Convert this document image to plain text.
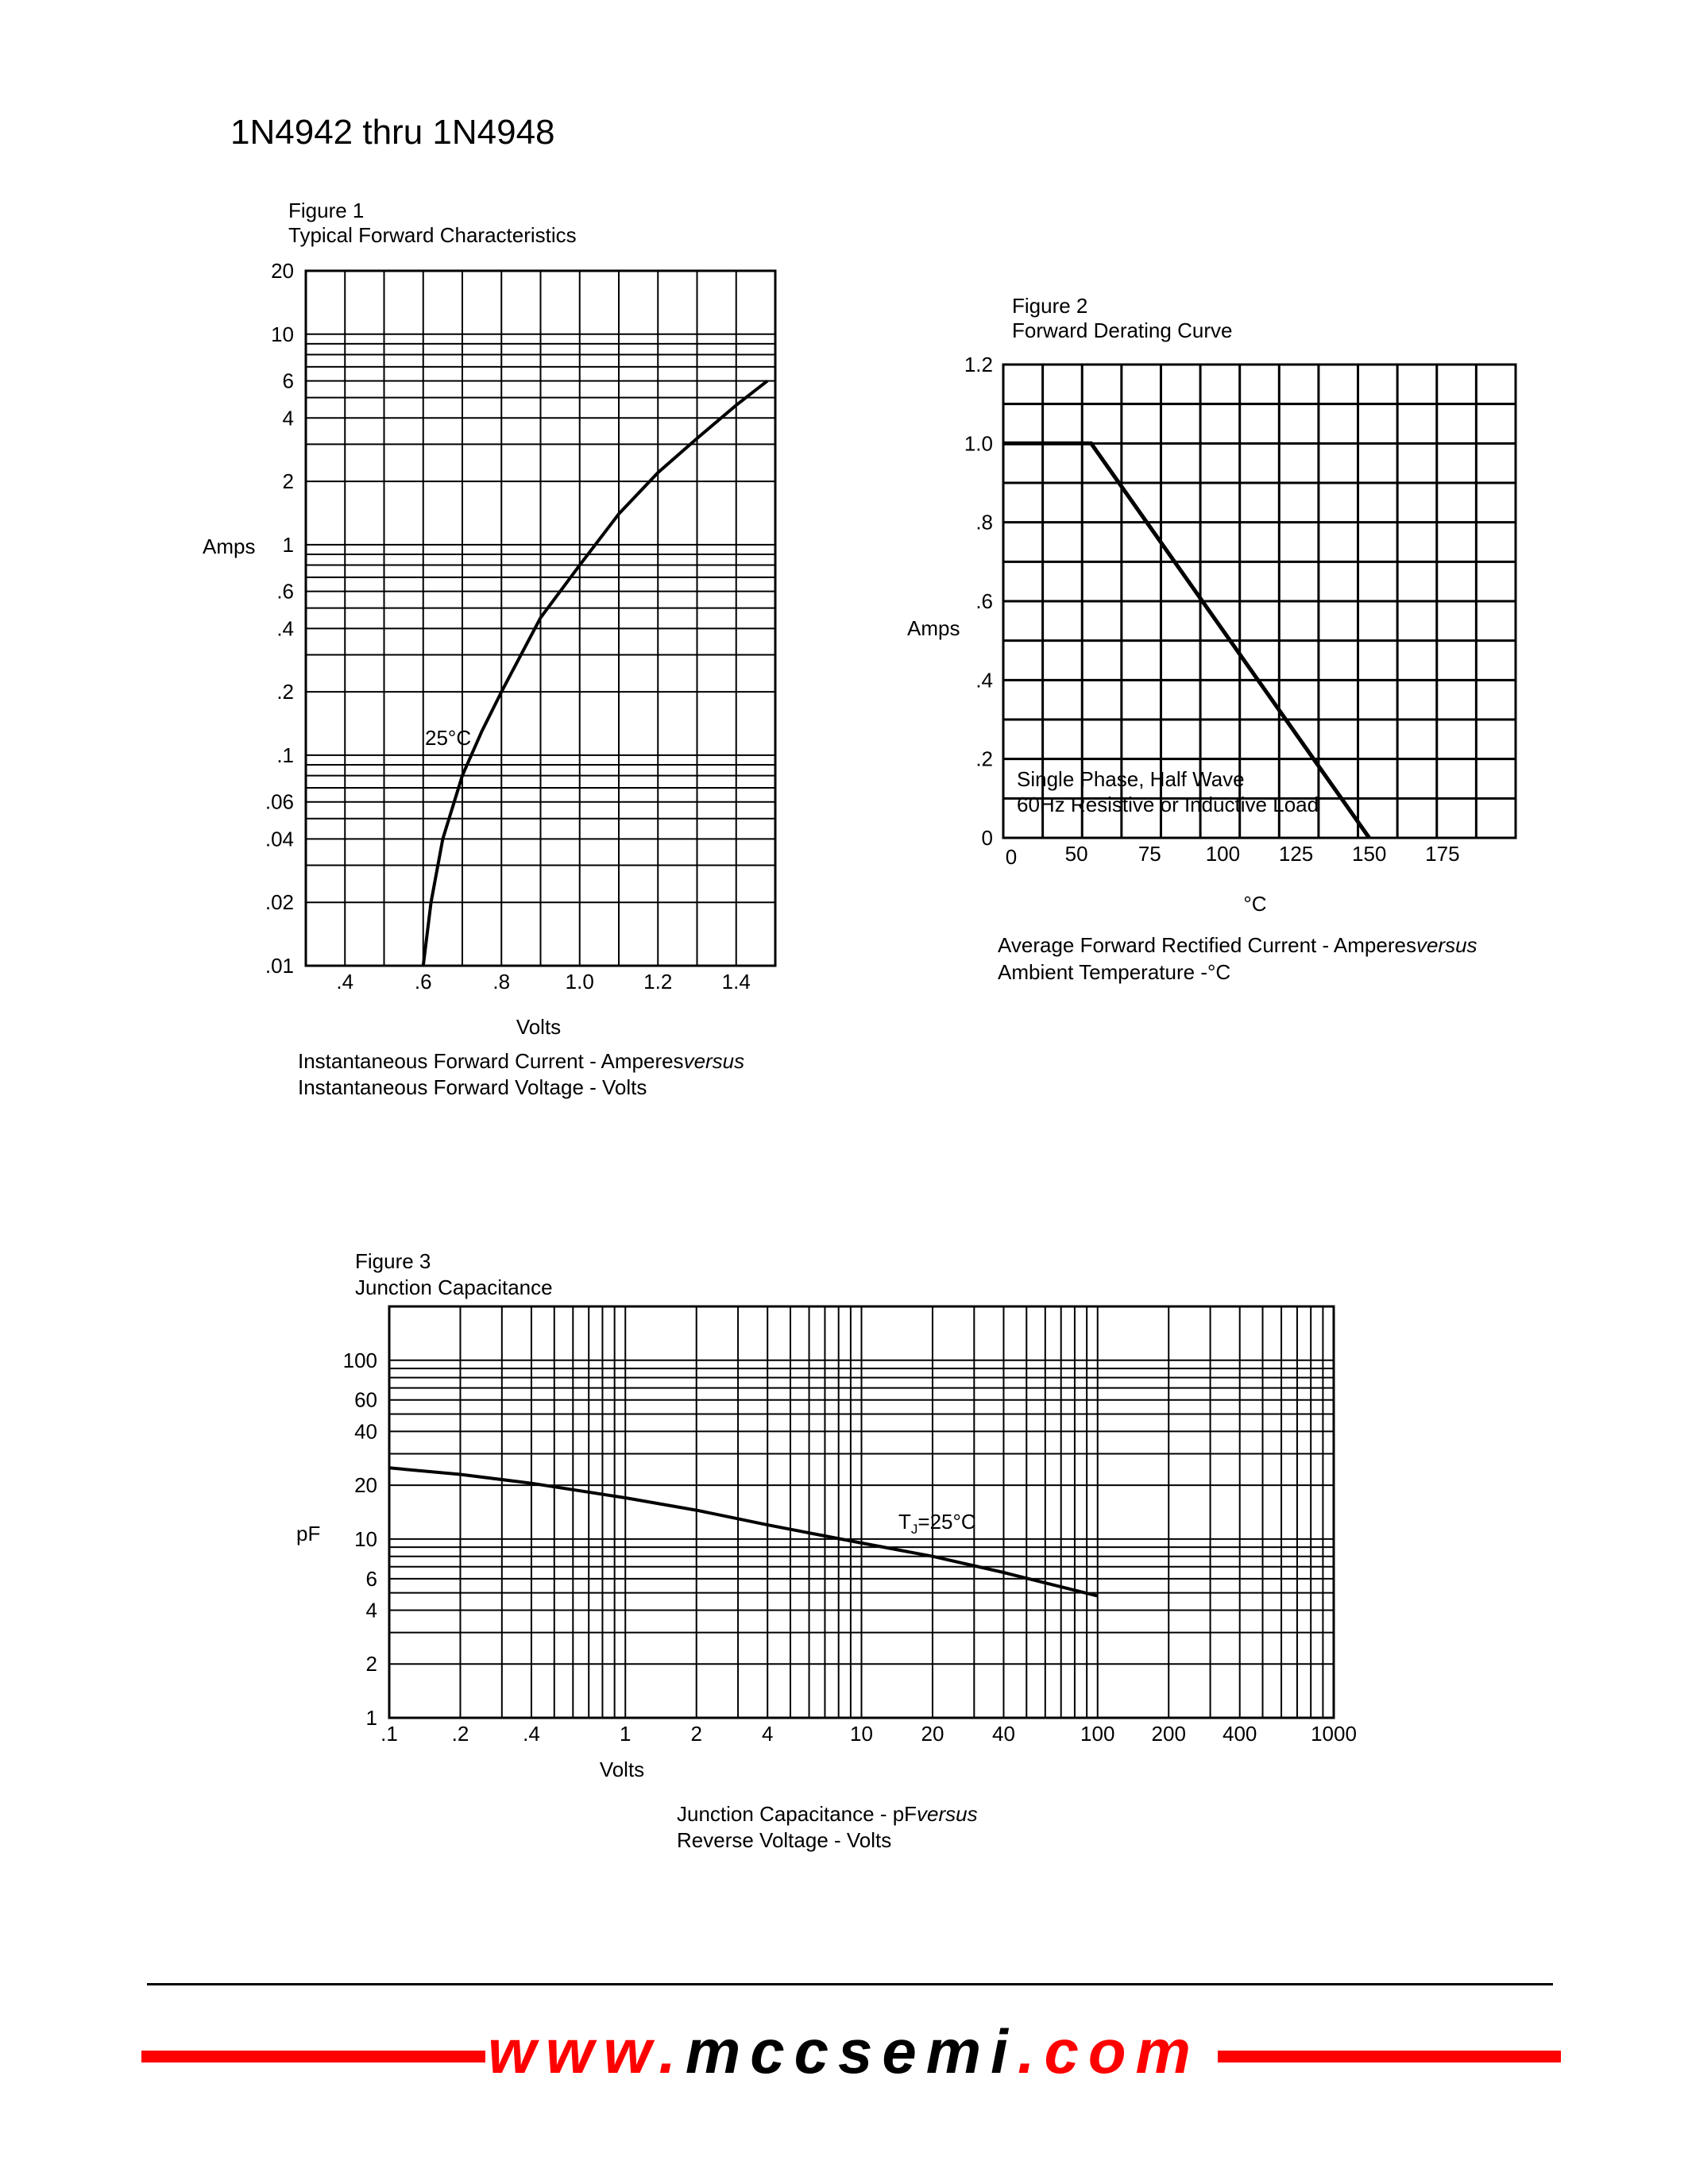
1N4942 thru 1N4948
Figure 1
Typical Forward Characteristics
20
10
6
4
2
1
.6
.4
.2
.1
.06
.04
.02
.01
.4	.6	.8	1.0 1.2 1.4
Amps
Volts
25°C
Instantaneous Forward Current - Amperesversus
Instantaneous Forward Voltage - Volts
Figure 2
Forward Derating Curve
0
.2
.4
.6
.8
1.0
1.2
0 50 75 100 125 150 175
Amps
°C
Single Phase, Half Wave
60Hz Resistive or Inductive Load
Average Forward Rectified Current - Amperesversus
Ambient Temperature -°C
Figure 3
Junction Capacitance
100
60
40
20
10
6
4
2
1
.1	.2	.4	1	2	4	10 20 40	100 200 400	1000
pF
Volts
$T_J=25^\circ C$
Junction Capacitance - pFversus
Reverse Voltage - Volts
www.mccsemi.com
